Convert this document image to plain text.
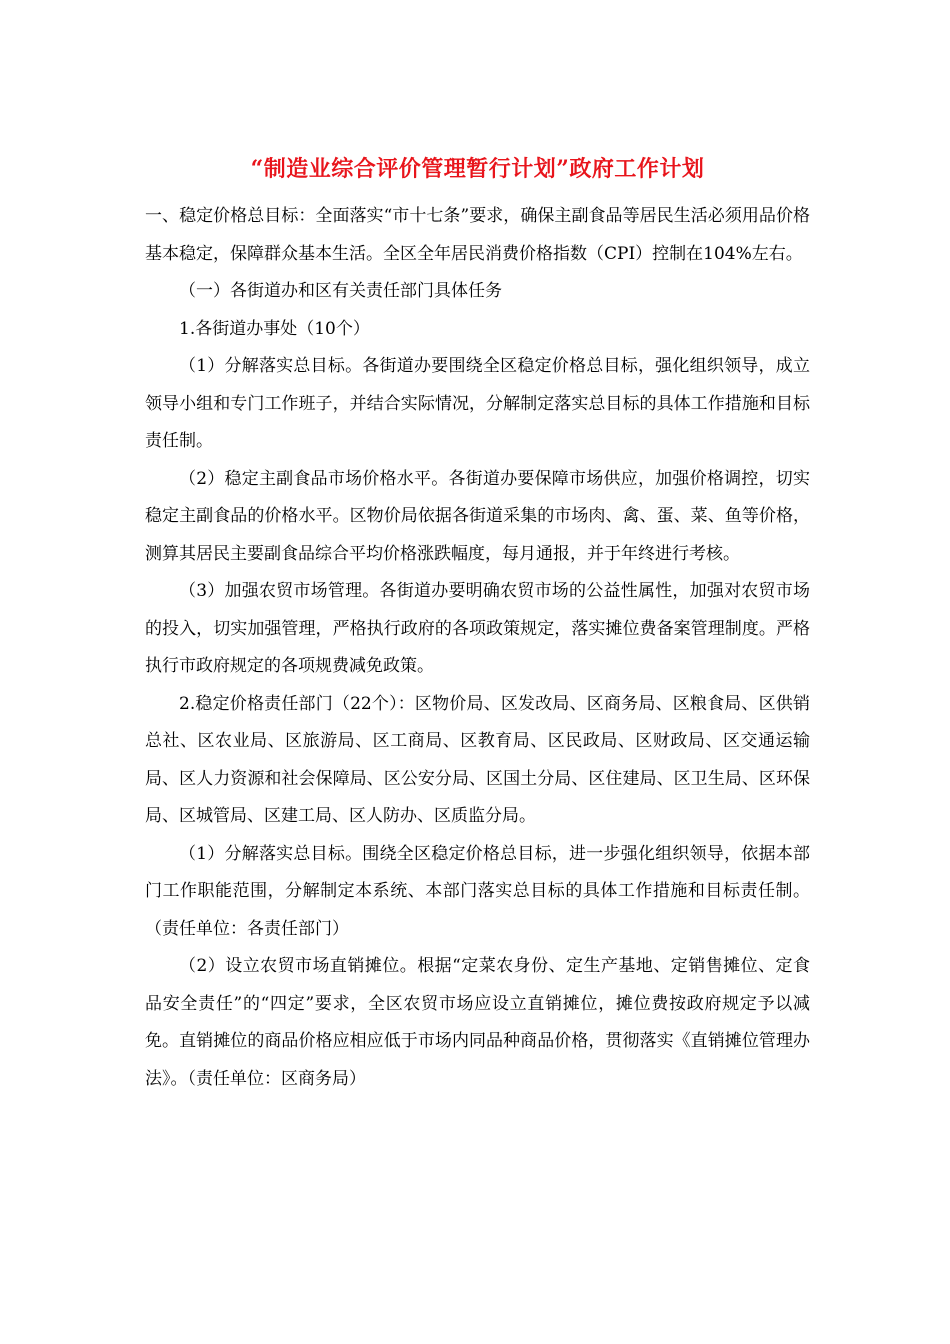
“制造业综合评价管理暂行计划”政府工作计划

一、稳定价格总目标：全面落实“市十七条”要求，确保主副食品等居民生活必须用品价格基本稳定，保障群众基本生活。全区全年居民消费价格指数（CPI）控制在104%左右。

（一）各街道办和区有关责任部门具体任务

1.各街道办事处（10个）

（1）分解落实总目标。各街道办要围绕全区稳定价格总目标，强化组织领导，成立领导小组和专门工作班子，并结合实际情况，分解制定落实总目标的具体工作措施和目标责任制。

（2）稳定主副食品市场价格水平。各街道办要保障市场供应，加强价格调控，切实稳定主副食品的价格水平。区物价局依据各街道采集的市场肉、禽、蛋、菜、鱼等价格，测算其居民主要副食品综合平均价格涨跌幅度，每月通报，并于年终进行考核。

（3）加强农贸市场管理。各街道办要明确农贸市场的公益性属性，加强对农贸市场的投入，切实加强管理，严格执行政府的各项政策规定，落实摊位费备案管理制度。严格执行市政府规定的各项规费减免政策。

2.稳定价格责任部门（22个）：区物价局、区发改局、区商务局、区粮食局、区供销总社、区农业局、区旅游局、区工商局、区教育局、区民政局、区财政局、区交通运输局、区人力资源和社会保障局、区公安分局、区国土分局、区住建局、区卫生局、区环保局、区城管局、区建工局、区人防办、区质监分局。

（1）分解落实总目标。围绕全区稳定价格总目标，进一步强化组织领导，依据本部门工作职能范围，分解制定本系统、本部门落实总目标的具体工作措施和目标责任制。（责任单位：各责任部门）

（2）设立农贸市场直销摊位。根据“定菜农身份、定生产基地、定销售摊位、定食品安全责任”的“四定”要求，全区农贸市场应设立直销摊位，摊位费按政府规定予以减免。直销摊位的商品价格应相应低于市场内同品种商品价格，贯彻落实《直销摊位管理办法》。（责任单位：区商务局）
